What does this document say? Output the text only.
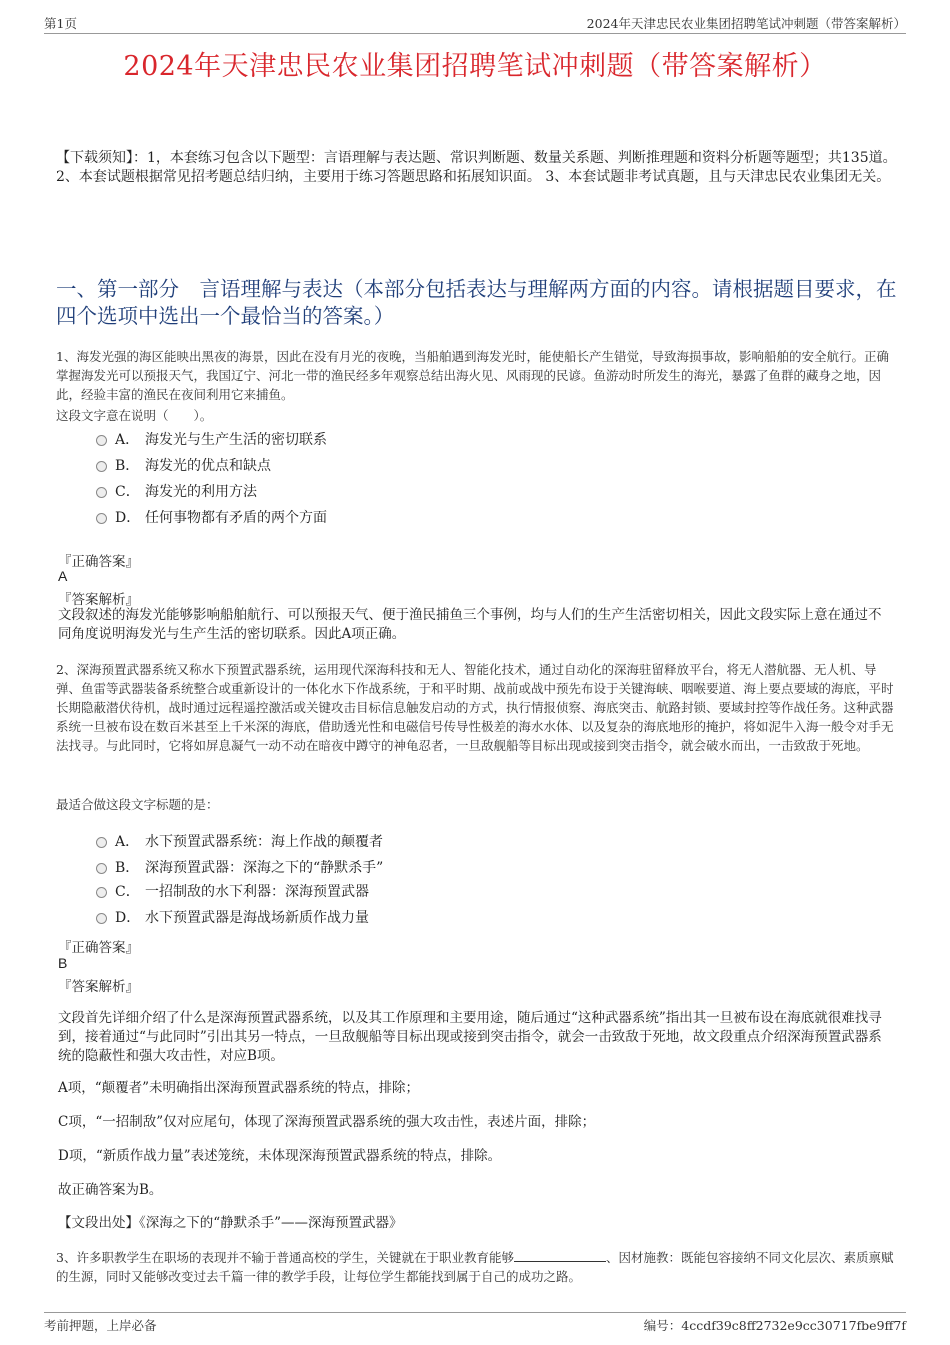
第1页	2024年天津忠民农业集团招聘笔试冲刺题（带答案解析）
2024年天津忠民农业集团招聘笔试冲刺题（带答案解析）
【下载须知】：1，本套练习包含以下题型：言语理解与表达题、常识判断题、数量关系题、判断推理题和资料分析题等题型；共135道。 2、本套试题根据常见招考题总结归纳，主要用于练习答题思路和拓展知识面。 3、本套试题非考试真题，且与天津忠民农业集团无关。
一、第一部分　言语理解与表达（本部分包括表达与理解两方面的内容。请根据题目要求，在四个选项中选出一个最恰当的答案。）
1、海发光强的海区能映出黑夜的海景，因此在没有月光的夜晚，当船舶遇到海发光时，能使船长产生错觉，导致海损事故，影响船舶的安全航行。正确掌握海发光可以预报天气，我国辽宁、河北一带的渔民经多年观察总结出海火见、风雨现的民谚。鱼游动时所发生的海光，暴露了鱼群的藏身之地，因此，经验丰富的渔民在夜间利用它来捕鱼。
这段文字意在说明（　　）。
A． 海发光与生产生活的密切联系
B． 海发光的优点和缺点
C． 海发光的利用方法
D． 任何事物都有矛盾的两个方面
『正确答案』
A
『答案解析』
文段叙述的海发光能够影响船舶航行、可以预报天气、便于渔民捕鱼三个事例，均与人们的生产生活密切相关，因此文段实际上意在通过不同角度说明海发光与生产生活的密切联系。因此A项正确。
2、深海预置武器系统又称水下预置武器系统，运用现代深海科技和无人、智能化技术，通过自动化的深海驻留释放平台，将无人潜航器、无人机、导弹、鱼雷等武器装备系统整合或重新设计的一体化水下作战系统，于和平时期、战前或战中预先布设于关键海峡、咽喉要道、海上要点要域的海底，平时长期隐蔽潜伏待机，战时通过远程遥控激活或关键攻击目标信息触发启动的方式，执行情报侦察、海底突击、航路封锁、要域封控等作战任务。这种武器系统一旦被布设在数百米甚至上千米深的海底，借助透光性和电磁信号传导性极差的海水水体、以及复杂的海底地形的掩护，将如泥牛入海一般令对手无法找寻。与此同时，它将如屏息凝气一动不动在暗夜中蹲守的神龟忍者，一旦敌舰船等目标出现或接到突击指令，就会破水而出，一击致敌于死地。
最适合做这段文字标题的是：
A． 水下预置武器系统：海上作战的颠覆者
B． 深海预置武器：深海之下的“静默杀手”
C． 一招制敌的水下利器：深海预置武器
D． 水下预置武器是海战场新质作战力量
『正确答案』
B
『答案解析』
文段首先详细介绍了什么是深海预置武器系统，以及其工作原理和主要用途，随后通过“这种武器系统”指出其一旦被布设在海底就很难找寻到，接着通过“与此同时”引出其另一特点，一旦敌舰船等目标出现或接到突击指令，就会一击致敌于死地，故文段重点介绍深海预置武器系统的隐蔽性和强大攻击性，对应B项。
A项，“颠覆者”未明确指出深海预置武器系统的特点，排除；
C项，“一招制敌”仅对应尾句，体现了深海预置武器系统的强大攻击性，表述片面，排除；
D项，“新质作战力量”表述笼统，未体现深海预置武器系统的特点，排除。
故正确答案为B。
【文段出处】《深海之下的“静默杀手”——深海预置武器》
3、许多职教学生在职场的表现并不输于普通高校的学生，关键就在于职业教育能够	、因材施教：既能包容接纳不同文化层次、素质禀赋的生源，同时又能够改变过去千篇一律的教学手段，让每位学生都能找到属于自己的成功之路。
考前押题，上岸必备	编号：4ccdf39c8ff2732e9cc30717fbe9ff7f
